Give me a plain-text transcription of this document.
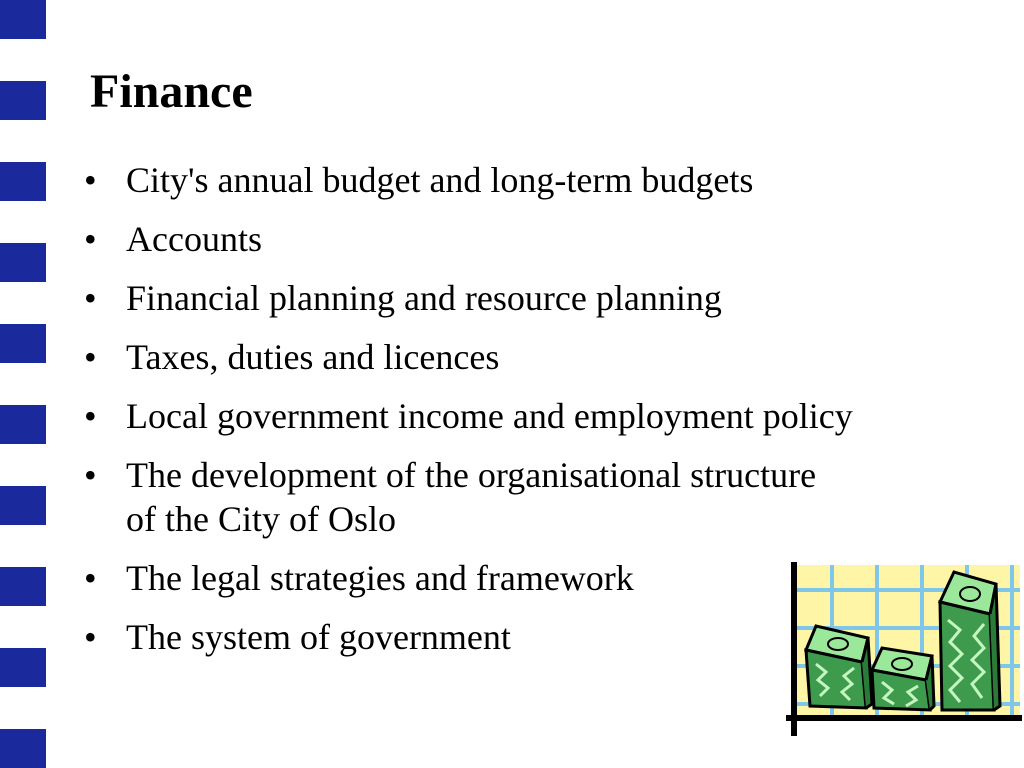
Finance
• City's annual budget and long-term budgets
• Accounts
• Financial planning and resource planning
• Taxes, duties and licences
• Local government income and employment policy
• The development of the organisational structure of the City of Oslo
• The legal strategies and framework
• The system of government
